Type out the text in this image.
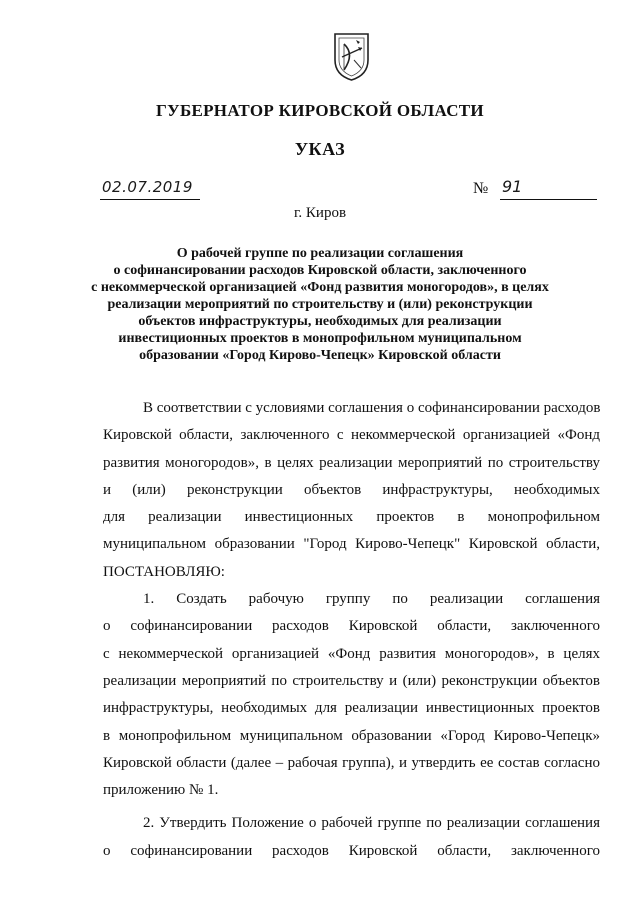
ГУБЕРНАТОР КИРОВСКОЙ ОБЛАСТИ
УКАЗ
02.07.2019	№ 91
г. Киров
О рабочей группе по реализации соглашения
о софинансировании расходов Кировской области, заключенного
с некоммерческой организацией «Фонд развития моногородов», в целях
реализации мероприятий по строительству и (или) реконструкции
объектов инфраструктуры, необходимых для реализации
инвестиционных проектов в монопрофильном муниципальном
образовании «Город Кирово-Чепецк» Кировской области
В соответствии с условиями соглашения о софинансировании расходов
Кировской области, заключенного с некоммерческой организацией «Фонд
развития моногородов», в целях реализации мероприятий по строительству
и (или) реконструкции объектов инфраструктуры, необходимых
для реализации инвестиционных проектов в монопрофильном
муниципальном образовании "Город Кирово-Чепецк" Кировской области,
ПОСТАНОВЛЯЮ:
1. Создать рабочую группу по реализации соглашения
о софинансировании расходов Кировской области, заключенного
с некоммерческой организацией «Фонд развития моногородов», в целях
реализации мероприятий по строительству и (или) реконструкции объектов
инфраструктуры, необходимых для реализации инвестиционных проектов
в монопрофильном муниципальном образовании «Город Кирово-Чепецк»
Кировской области (далее – рабочая группа), и утвердить ее состав согласно
приложению № 1.
2. Утвердить Положение о рабочей группе по реализации соглашения
о софинансировании расходов Кировской области, заключенного
